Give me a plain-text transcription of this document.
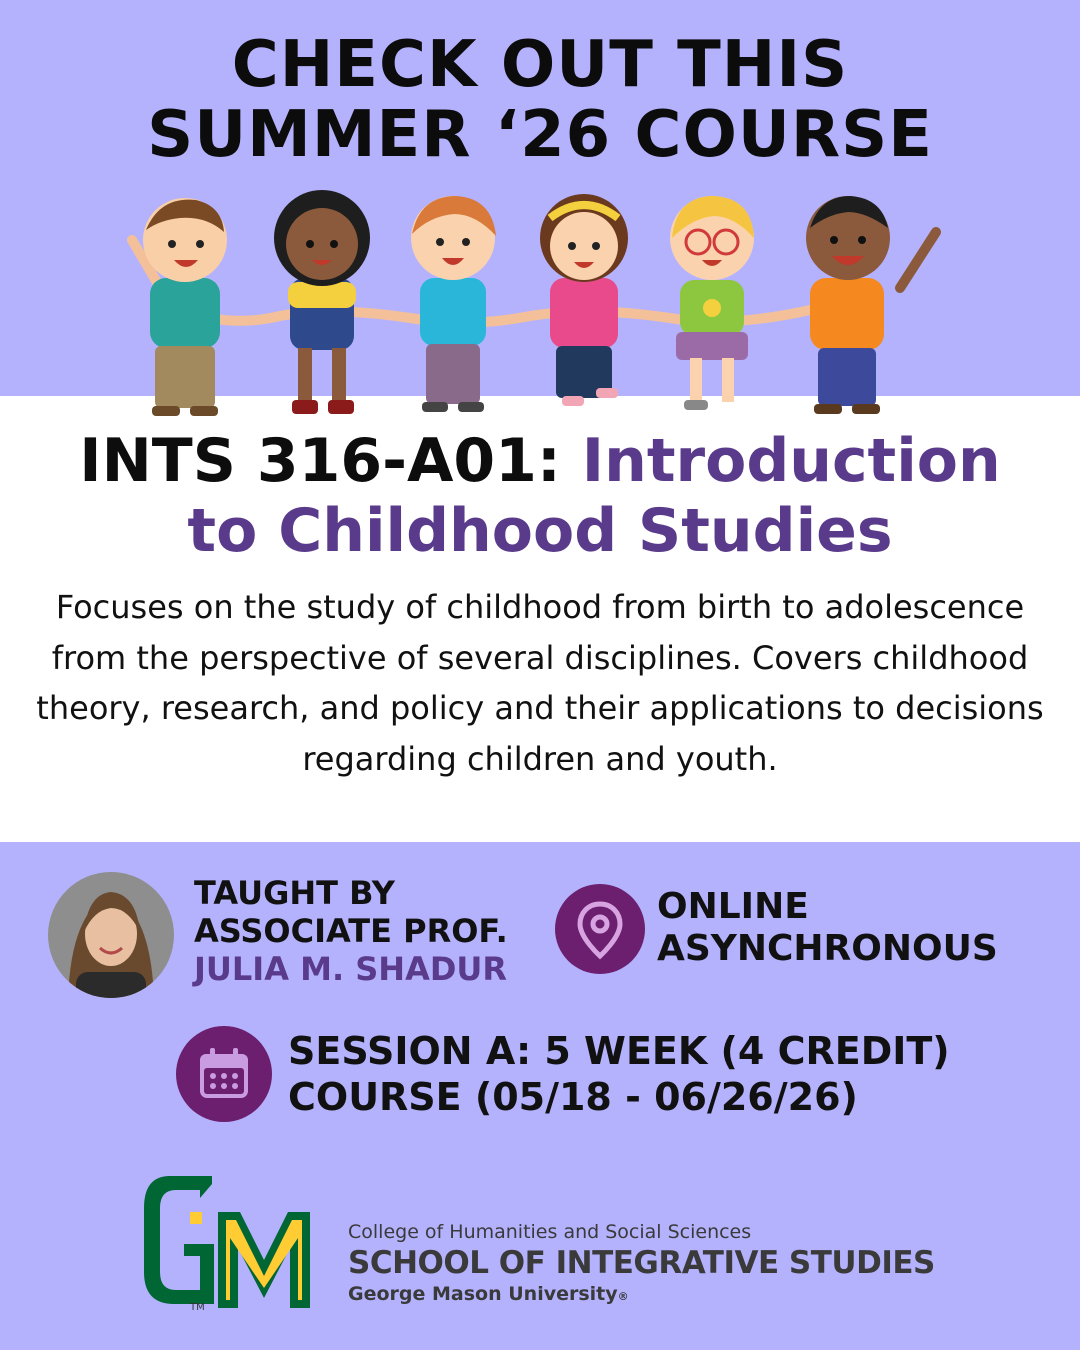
CHECK OUT THIS
SUMMER ‘26 COURSE
INTS 316-A01: Introduction
to Childhood Studies
Focuses on the study of childhood from birth to adolescence from the perspective of several disciplines. Covers childhood theory, research, and policy and their applications to decisions regarding children and youth.
TAUGHT BY
ASSOCIATE PROF.
JULIA M. SHADUR
ONLINE
ASYNCHRONOUS
SESSION A: 5 WEEK (4 CREDIT)
COURSE (05/18 - 06/26/26)
TM
College of Humanities and Social Sciences
SCHOOL OF INTEGRATIVE STUDIES
George Mason University®
